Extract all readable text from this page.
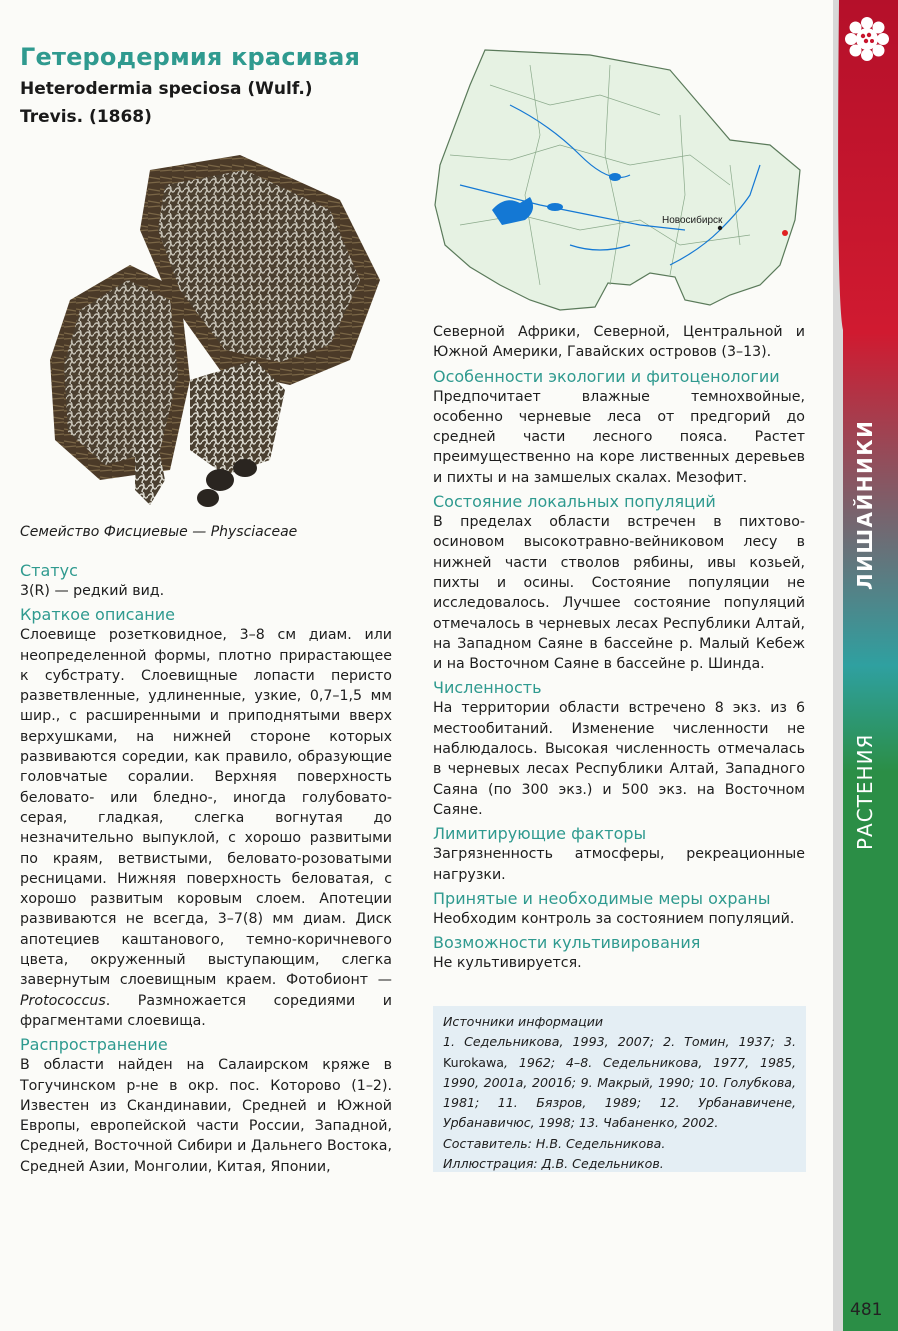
Гетеродермия красивая
Heterodermia speciosa (Wulf.)
Trevis. (1868)
Семейство Фисциевые — Physciaceae
Статус

3(R) — редкий вид.

Краткое описание

Слоевище розетковидное, 3–8 см диам. или неопределенной формы, плотно прирастающее к субстрату. Слоевищные лопасти перисто разветвленные, удлиненные, узкие, 0,7–1,5 мм шир., с расширенными и приподнятыми вверх верхушками, на нижней стороне которых развиваются соредии, как правило, образующие головчатые соралии. Верхняя поверхность беловато- или бледно-, иногда голубовато-серая, гладкая, слегка вогнутая до незначительно выпуклой, с хорошо развитыми по краям, ветвистыми, беловато-розоватыми ресницами. Нижняя поверхность беловатая, с хорошо развитым коровым слоем. Апотеции развиваются не всегда, 3–7(8) мм диам. Диск апотециев каштанового, темно-коричневого цвета, окруженный выступающим, слегка завернутым слоевищным краем. Фотобионт — Protococcus. Размножается соредиями и фрагментами слоевища.

Распространение

В области найден на Салаирском кряже в Тогучинском р-не в окр. пос. Которово (1–2). Известен из Скандинавии, Средней и Южной Европы, европейской части России, Западной, Средней, Восточной Сибири и Дальнего Востока, Средней Азии, Монголии, Китая, Японии,

Новосибирск

Северной Африки, Северной, Центральной и Южной Америки, Гавайских островов (3–13).

Особенности экологии и фитоценологии

Предпочитает влажные темнохвойные, особенно черневые леса от предгорий до средней части лесного пояса. Растет преимущественно на коре лиственных деревьев и пихты и на замшелых скалах. Мезофит.

Состояние локальных популяций

В пределах области встречен в пихтово-осиновом высокотравно-вейниковом лесу в нижней части стволов рябины, ивы козьей, пихты и осины. Состояние популяции не исследовалось. Лучшее состояние популяций отмечалось в черневых лесах Республики Алтай, на Западном Саяне в бассейне р. Малый Кебеж и на Восточном Саяне в бассейне р. Шинда.

Численность

На территории области встречено 8 экз. из 6 местообитаний. Изменение численности не наблюдалось. Высокая численность отмечалась в черневых лесах Республики Алтай, Западного Саяна (по 300 экз.) и 500 экз. на Восточном Саяне.

Лимитирующие факторы

Загрязненность атмосферы, рекреационные нагрузки.

Принятые и необходимые меры охраны

Необходим контроль за состоянием популяций.

Возможности культивирования

Не культивируется.

Источники информации

1. Седельникова, 1993, 2007; 2. Томин, 1937; 3. Kurokawa, 1962; 4–8. Седельникова, 1977, 1985, 1990, 2001а, 2001б; 9. Макрый, 1990; 10. Голубкова, 1981; 11. Бязров, 1989; 12. Урбанавичене, Урбанавичюс, 1998; 13. Чабаненко, 2002.

Составитель: Н.В. Седельникова.

Иллюстрация: Д.В. Седельников.

ЛИШАЙНИКИ
РАСТЕНИЯ
481
